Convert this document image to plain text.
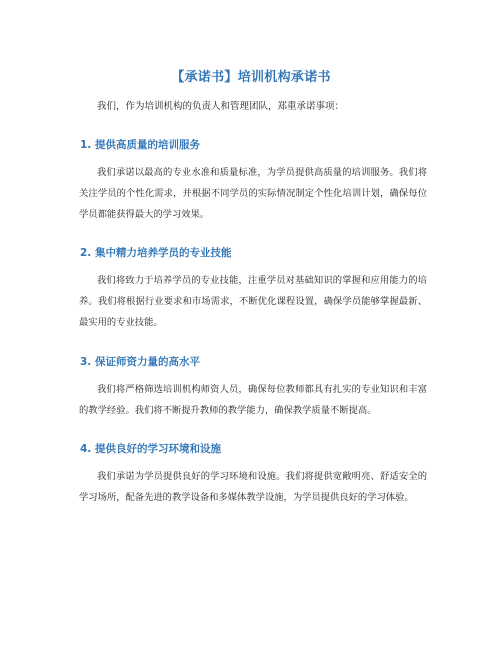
【承诺书】培训机构承诺书
我们，作为培训机构的负责人和管理团队，郑重承诺事项：
1. 提供高质量的培训服务

我们承诺以最高的专业水准和质量标准，为学员提供高质量的培训服务。我们将关注学员的个性化需求，并根据不同学员的实际情况制定个性化培训计划，确保每位学员都能获得最大的学习效果。

2. 集中精力培养学员的专业技能

我们将致力于培养学员的专业技能，注重学员对基础知识的掌握和应用能力的培养。我们将根据行业要求和市场需求，不断优化课程设置，确保学员能够掌握最新、最实用的专业技能。

3. 保证师资力量的高水平

我们将严格筛选培训机构师资人员，确保每位教师都具有扎实的专业知识和丰富的教学经验。我们将不断提升教师的教学能力，确保教学质量不断提高。

4. 提供良好的学习环境和设施

我们承诺为学员提供良好的学习环境和设施。我们将提供宽敞明亮、舒适安全的学习场所，配备先进的教学设备和多媒体教学设施，为学员提供良好的学习体验。
